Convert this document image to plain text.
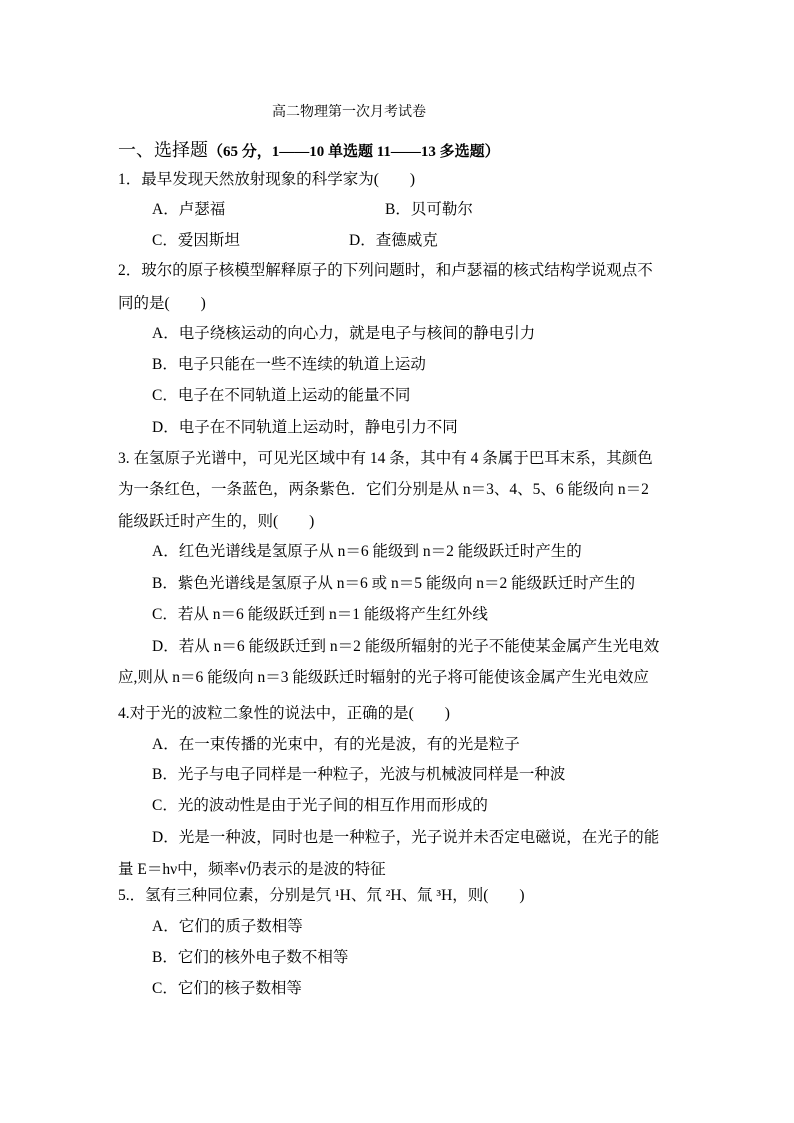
高二物理第一次月考试卷
一、选择题（65 分，1——10 单选题 11——13 多选题）
1．最早发现天然放射现象的科学家为(　　)
A．卢瑟福	B．贝可勒尔
C．爱因斯坦	D．查德威克
2．玻尔的原子核模型解释原子的下列问题时，和卢瑟福的核式结构学说观点不
同的是(　　)
A．电子绕核运动的向心力，就是电子与核间的静电引力
B．电子只能在一些不连续的轨道上运动
C．电子在不同轨道上运动的能量不同
D．电子在不同轨道上运动时，静电引力不同
3. 在氢原子光谱中，可见光区域中有 14 条，其中有 4 条属于巴耳末系，其颜色
为一条红色，一条蓝色，两条紫色．它们分别是从 n＝3、4、5、6 能级向 n＝2
能级跃迁时产生的，则(　　)
A．红色光谱线是氢原子从 n＝6 能级到 n＝2 能级跃迁时产生的
B．紫色光谱线是氢原子从 n＝6 或 n＝5 能级向 n＝2 能级跃迁时产生的
C．若从 n＝6 能级跃迁到 n＝1 能级将产生红外线
D．若从 n＝6 能级跃迁到 n＝2 能级所辐射的光子不能使某金属产生光电效
应,则从 n＝6 能级向 n＝3 能级跃迁时辐射的光子将可能使该金属产生光电效应
4.对于光的波粒二象性的说法中，正确的是(　　)
A．在一束传播的光束中，有的光是波，有的光是粒子
B．光子与电子同样是一种粒子，光波与机械波同样是一种波
C．光的波动性是由于光子间的相互作用而形成的
D．光是一种波，同时也是一种粒子，光子说并未否定电磁说，在光子的能
量 E＝hν中，频率ν仍表示的是波的特征
5.．氢有三种同位素，分别是氕 ¹H、氘 ²H、氚 ³H，则(　　)
A．它们的质子数相等
B．它们的核外电子数不相等
C．它们的核子数相等
